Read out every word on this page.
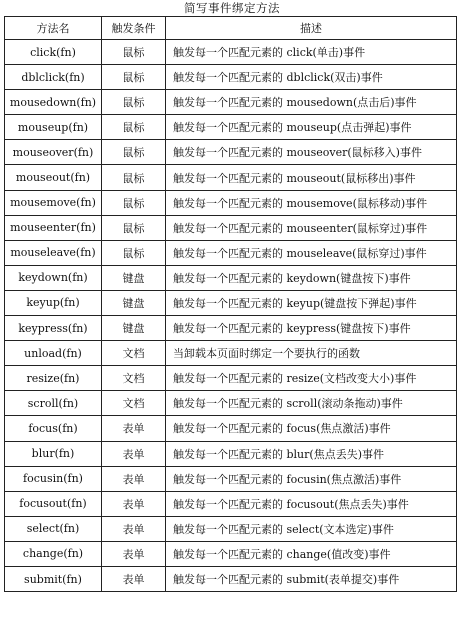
简写事件绑定方法
方法名	触发条件	描述
click(fn)	鼠标	触发每一个匹配元素的 click(单击)事件
dblclick(fn)	鼠标	触发每一个匹配元素的 dblclick(双击)事件
mousedown(fn)	鼠标	触发每一个匹配元素的 mousedown(点击后)事件
mouseup(fn)	鼠标	触发每一个匹配元素的 mouseup(点击弹起)事件
mouseover(fn)	鼠标	触发每一个匹配元素的 mouseover(鼠标移入)事件
mouseout(fn)	鼠标	触发每一个匹配元素的 mouseout(鼠标移出)事件
mousemove(fn)	鼠标	触发每一个匹配元素的 mousemove(鼠标移动)事件
mouseenter(fn)	鼠标	触发每一个匹配元素的 mouseenter(鼠标穿过)事件
mouseleave(fn)	鼠标	触发每一个匹配元素的 mouseleave(鼠标穿过)事件
keydown(fn)	键盘	触发每一个匹配元素的 keydown(键盘按下)事件
keyup(fn)	键盘	触发每一个匹配元素的 keyup(键盘按下弹起)事件
keypress(fn)	键盘	触发每一个匹配元素的 keypress(键盘按下)事件
unload(fn)	文档	当卸载本页面时绑定一个要执行的函数
resize(fn)	文档	触发每一个匹配元素的 resize(文档改变大小)事件
scroll(fn)	文档	触发每一个匹配元素的 scroll(滚动条拖动)事件
focus(fn)	表单	触发每一个匹配元素的 focus(焦点激活)事件
blur(fn)	表单	触发每一个匹配元素的 blur(焦点丢失)事件
focusin(fn)	表单	触发每一个匹配元素的 focusin(焦点激活)事件
focusout(fn)	表单	触发每一个匹配元素的 focusout(焦点丢失)事件
select(fn)	表单	触发每一个匹配元素的 select(文本选定)事件
change(fn)	表单	触发每一个匹配元素的 change(值改变)事件
submit(fn)	表单	触发每一个匹配元素的 submit(表单提交)事件
